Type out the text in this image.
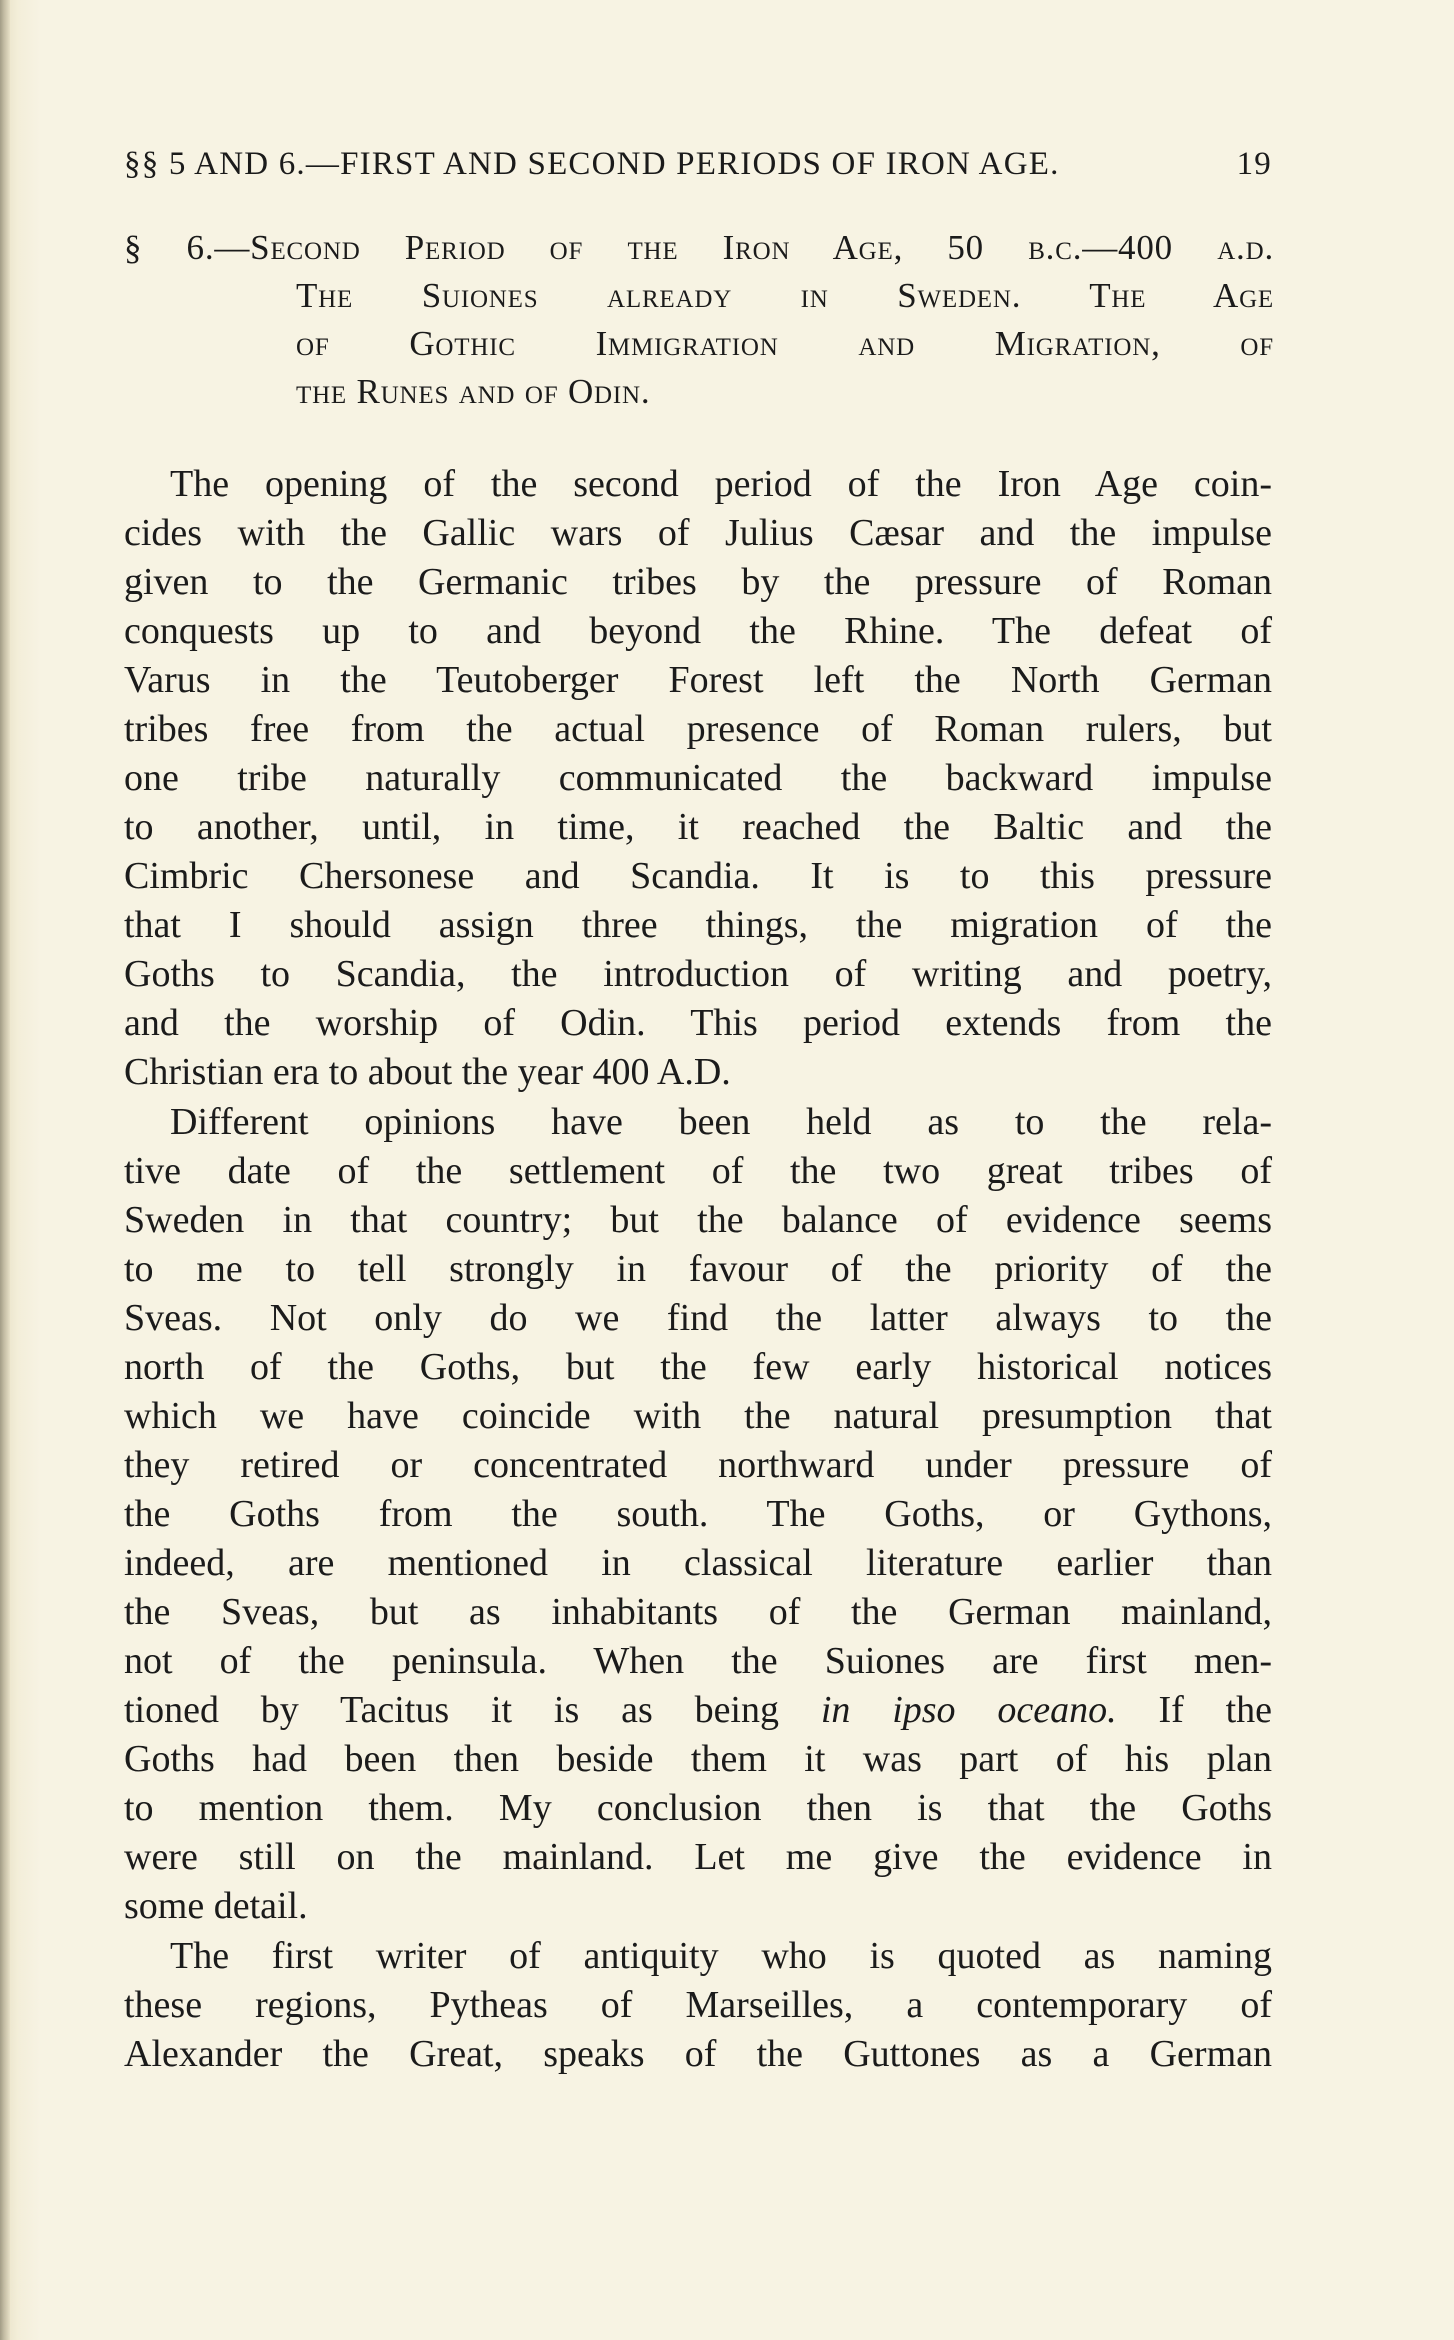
§§ 5 AND 6.—FIRST AND SECOND PERIODS OF IRON AGE.	19
§ 6.—Second Period of the Iron Age, 50 b.c.—400 a.d.
The Suiones already in Sweden. The Age
of Gothic Immigration and Migration, of
the Runes and of Odin.

The opening of the second period of the Iron Age coin-
cides with the Gallic wars of Julius Cæsar and the impulse
given to the Germanic tribes by the pressure of Roman
conquests up to and beyond the Rhine. The defeat of
Varus in the Teutoberger Forest left the North German
tribes free from the actual presence of Roman rulers, but
one tribe naturally communicated the backward impulse
to another, until, in time, it reached the Baltic and the
Cimbric Chersonese and Scandia. It is to this pressure
that I should assign three things, the migration of the
Goths to Scandia, the introduction of writing and poetry,
and the worship of Odin. This period extends from the
Christian era to about the year 400 A.D.

Different opinions have been held as to the rela-
tive date of the settlement of the two great tribes of
Sweden in that country; but the balance of evidence seems
to me to tell strongly in favour of the priority of the
Sveas. Not only do we find the latter always to the
north of the Goths, but the few early historical notices
which we have coincide with the natural presumption that
they retired or concentrated northward under pressure of
the Goths from the south. The Goths, or Gythons,
indeed, are mentioned in classical literature earlier than
the Sveas, but as inhabitants of the German mainland,
not of the peninsula. When the Suiones are first men-
tioned by Tacitus it is as being in ipso oceano. If the
Goths had been then beside them it was part of his plan
to mention them. My conclusion then is that the Goths
were still on the mainland. Let me give the evidence in
some detail.

The first writer of antiquity who is quoted as naming
these regions, Pytheas of Marseilles, a contemporary of
Alexander the Great, speaks of the Guttones as a German
